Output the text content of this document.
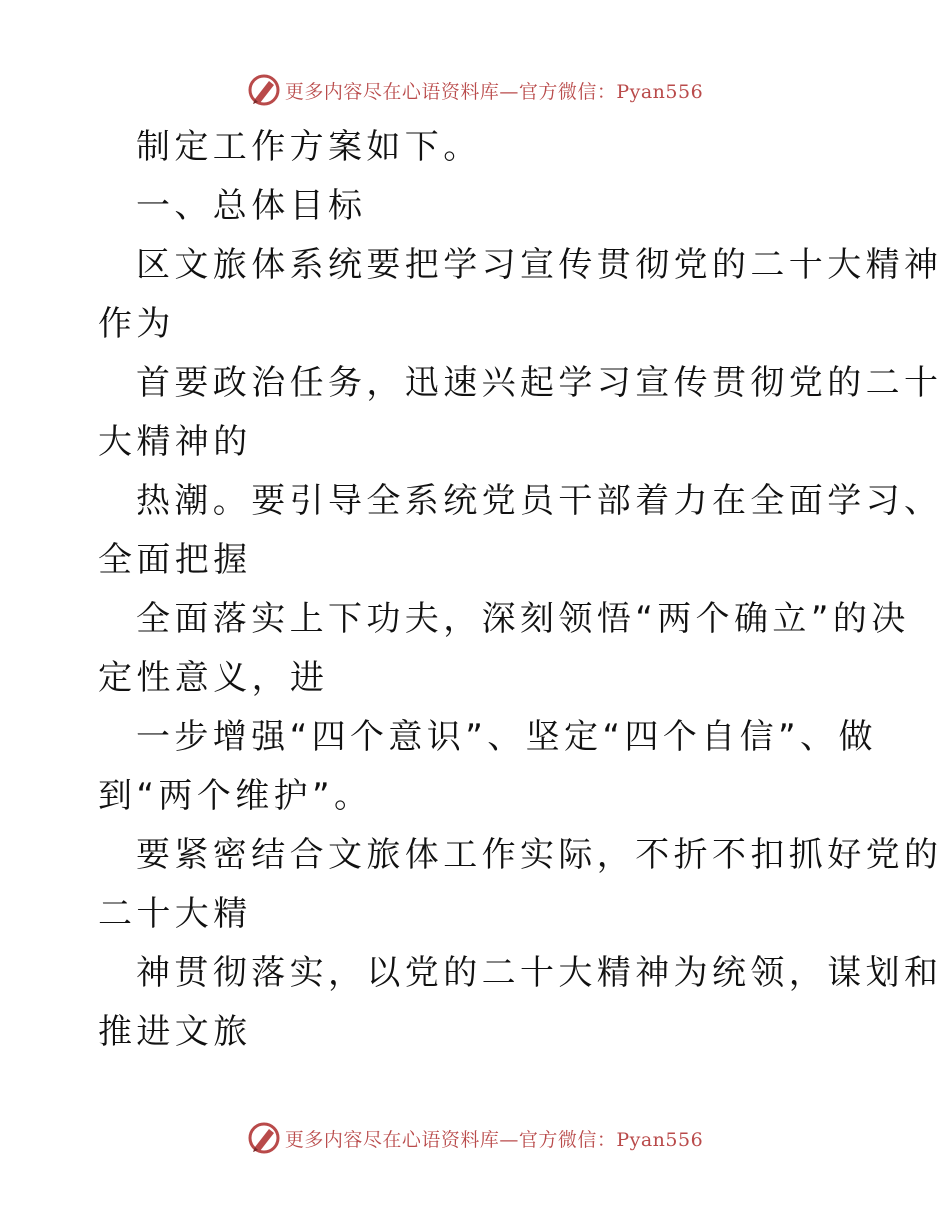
更多内容尽在心语资料库—官方微信：Pyan556
制定工作方案如下。
一、总体目标
区文旅体系统要把学习宣传贯彻党的二十大精神
作为
首要政治任务，迅速兴起学习宣传贯彻党的二十
大精神的
热潮。要引导全系统党员干部着力在全面学习、
全面把握
全面落实上下功夫，深刻领悟“两个确立”的决
定性意义，进
一步增强“四个意识”、坚定“四个自信”、做
到“两个维护”。
要紧密结合文旅体工作实际，不折不扣抓好党的
二十大精
神贯彻落实，以党的二十大精神为统领，谋划和
推进文旅
更多内容尽在心语资料库—官方微信：Pyan556
